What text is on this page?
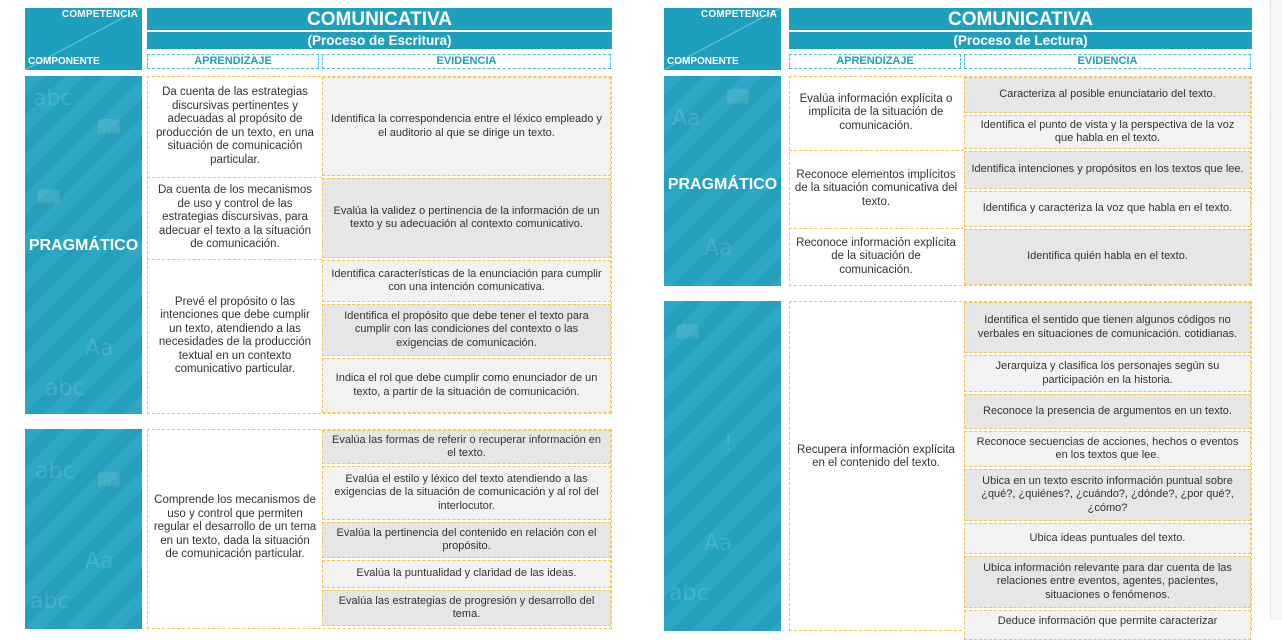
COMPETENCIA
COMPONENTE
COMUNICATIVA
(Proceso de Escritura)
APRENDIZAJE	EVIDENCIA
abc
📖
📖
Aa
abc
PRAGMÁTICO
Da cuenta de las estrategias discursivas pertinentes y adecuadas al propósito de producción de un texto, en una situación de comunicación particular.
Da cuenta de los mecanismos de uso y control de las estrategias discursivas, para adecuar el texto a la situación de comunicación.
Prevé el propósito o las intenciones que debe cumplir un texto, atendiendo a las necesidades de la producción textual en un contexto comunicativo particular.
Identifica la correspondencia entre el léxico empleado y el auditorio al que se dirige un texto.
Evalúa la validez o pertinencia de la información de un texto y su adecuación al contexto comunicativo.
Identifica características de la enunciación para cumplir con una intención comunicativa.
Identifica el propósito que debe tener el texto para cumplir con las condiciones del contexto o las exigencias de comunicación.
Indica el rol que debe cumplir como enunciador de un texto, a partir de la situación de comunicación.
abc 📖
Aa
abc
Comprende los mecanismos de uso y control que permiten regular el desarrollo de un tema en un texto, dada la situación de comunicación particular.
Evalúa las formas de referir o recuperar información en el texto.
Evalúa el estilo y léxico del texto atendiendo a las exigencias de la situación de comunicación y al rol del interlocutor.
Evalúa la pertinencia del contenido en relación con el propósito.
Evalúa la puntualidad y claridad de las ideas.
Evalúa las estrategias de progresión y desarrollo del tema.
COMPETENCIA
COMPONENTE
COMUNICATIVA
(Proceso de Lectura)
APRENDIZAJE	EVIDENCIA
Aa
📖
Aa
PRAGMÁTICO
Evalúa información explícita o implícita de la situación de comunicación.
Reconoce elementos implícitos de la situación comunicativa del texto.
Reconoce información explícita de la situación de comunicación.
Caracteriza al posible enunciatario del texto.
Identifica el punto de vista y la perspectiva de la voz que habla en el texto.
Identifica intenciones y propósitos en los textos que lee.
Identifica y caracteriza la voz que habla en el texto.
Identifica quién habla en el texto.
📖
!
Aa
abc
Recupera información explícita en el contenido del texto.
Identifica el sentido que tienen algunos códigos no verbales en situaciones de comunicación. cotidianas.
Jerarquiza y clasifica los personajes según su participación en la historia.
Reconoce la presencia de argumentos en un texto.
Reconoce secuencias de acciones, hechos o eventos en los textos que lee.
Ubica en un texto escrito información puntual sobre ¿qué?, ¿quiénes?, ¿cuándo?, ¿dónde?, ¿por qué?, ¿cómo?
Ubica ideas puntuales del texto.
Ubica información relevante para dar cuenta de las relaciones entre eventos, agentes, pacientes, situaciones o fenómenos.
Deduce información que permite caracterizar
